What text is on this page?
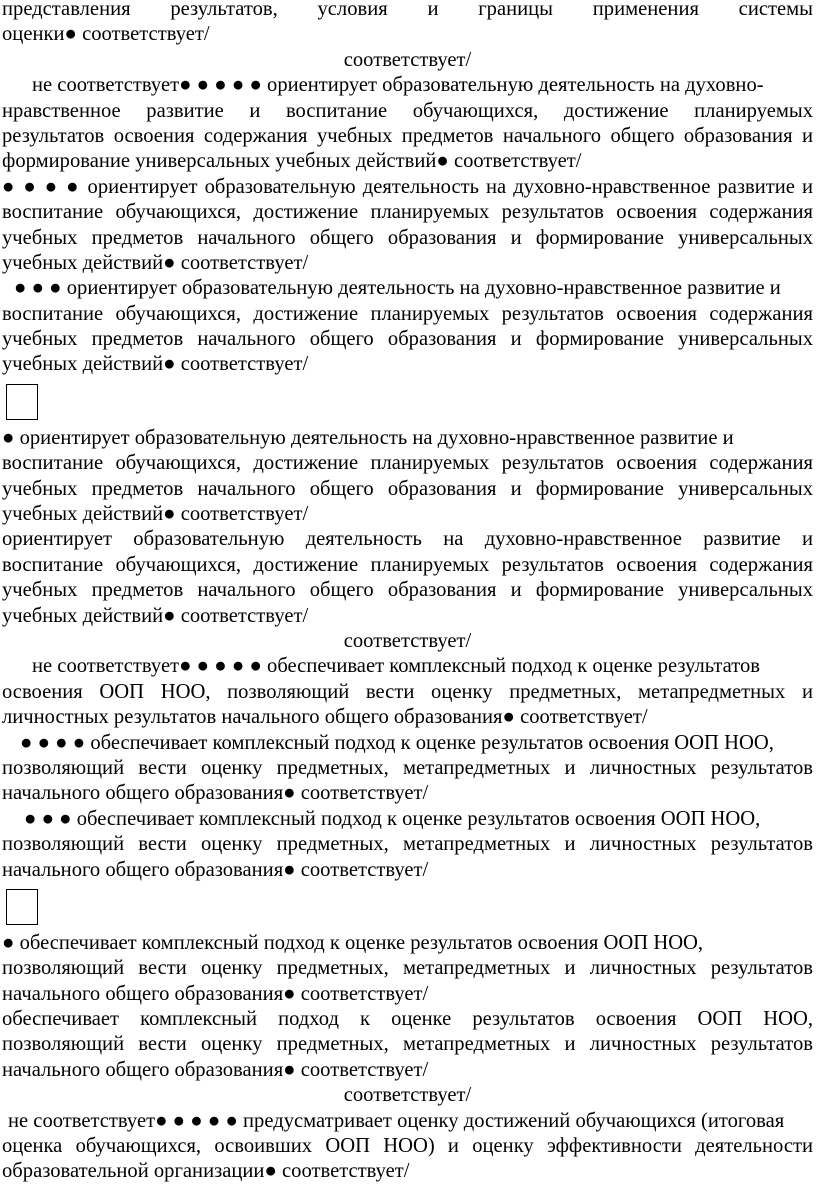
представления результатов, условия и границы применения системы
оценки● соответствует/
соответствует/
не соответствует● ● ● ● ● ориентирует образовательную деятельность на духовно-
нравственное развитие и воспитание обучающихся, достижение планируемых
результатов освоения содержания учебных предметов начального общего образования и
формирование универсальных учебных действий● соответствует/
● ● ● ● ориентирует образовательную деятельность на духовно-нравственное развитие и
воспитание обучающихся, достижение планируемых результатов освоения содержания
учебных предметов начального общего образования и формирование универсальных
учебных действий● соответствует/
● ● ● ориентирует образовательную деятельность на духовно-нравственное развитие и
воспитание обучающихся, достижение планируемых результатов освоения содержания
учебных предметов начального общего образования и формирование универсальных
учебных действий● соответствует/
● ориентирует образовательную деятельность на духовно-нравственное развитие и
воспитание обучающихся, достижение планируемых результатов освоения содержания
учебных предметов начального общего образования и формирование универсальных
учебных действий● соответствует/
ориентирует образовательную деятельность на духовно-нравственное развитие и
воспитание обучающихся, достижение планируемых результатов освоения содержания
учебных предметов начального общего образования и формирование универсальных
учебных действий● соответствует/
соответствует/
не соответствует● ● ● ● ● обеспечивает комплексный подход к оценке результатов
освоения ООП НОО, позволяющий вести оценку предметных, метапредметных и
личностных результатов начального общего образования● соответствует/
● ● ● ● обеспечивает комплексный подход к оценке результатов освоения ООП НОО,
позволяющий вести оценку предметных, метапредметных и личностных результатов
начального общего образования● соответствует/
● ● ● обеспечивает комплексный подход к оценке результатов освоения ООП НОО,
позволяющий вести оценку предметных, метапредметных и личностных результатов
начального общего образования● соответствует/
● обеспечивает комплексный подход к оценке результатов освоения ООП НОО,
позволяющий вести оценку предметных, метапредметных и личностных результатов
начального общего образования● соответствует/
обеспечивает комплексный подход к оценке результатов освоения ООП НОО,
позволяющий вести оценку предметных, метапредметных и личностных результатов
начального общего образования● соответствует/
соответствует/
не соответствует● ● ● ● ● предусматривает оценку достижений обучающихся (итоговая
оценка обучающихся, освоивших ООП НОО) и оценку эффективности деятельности
образовательной организации● соответствует/
